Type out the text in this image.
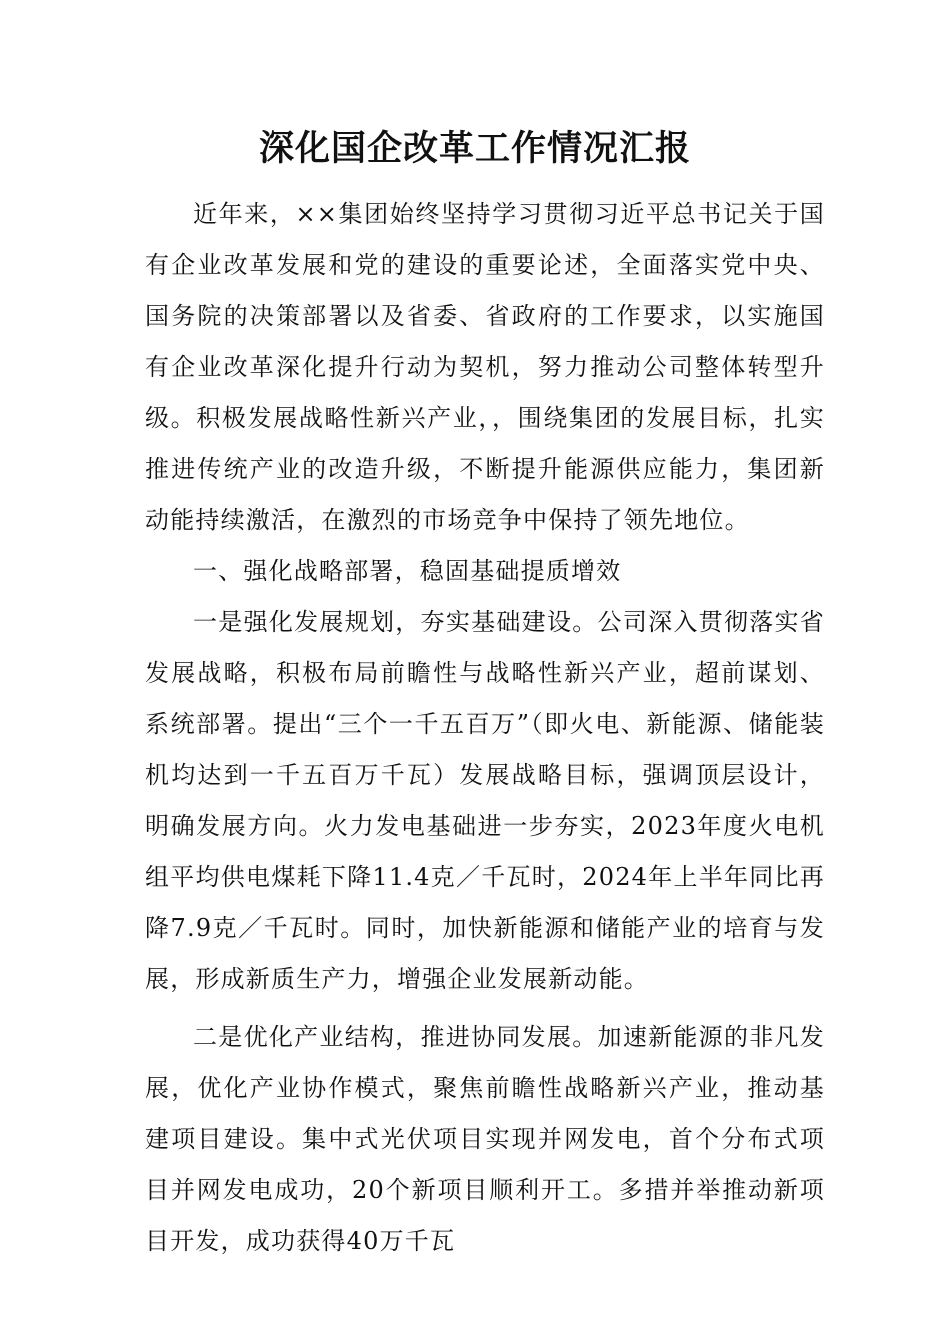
深化国企改革工作情况汇报

近年来，××集团始终坚持学习贯彻习近平总书记关于国有企业改革发展和党的建设的重要论述，全面落实党中央、国务院的决策部署以及省委、省政府的工作要求，以实施国有企业改革深化提升行动为契机，努力推动公司整体转型升级。积极发展战略性新兴产业，，围绕集团的发展目标，扎实推进传统产业的改造升级，不断提升能源供应能力，集团新动能持续激活，在激烈的市场竞争中保持了领先地位。

一、强化战略部署，稳固基础提质增效

一是强化发展规划，夯实基础建设。公司深入贯彻落实省发展战略，积极布局前瞻性与战略性新兴产业，超前谋划、系统部署。提出“三个一千五百万”（即火电、新能源、储能装机均达到一千五百万千瓦）发展战略目标，强调顶层设计，明确发展方向。火力发电基础进一步夯实，2023年度火电机组平均供电煤耗下降11.4克／千瓦时，2024年上半年同比再降7.9克／千瓦时。同时，加快新能源和储能产业的培育与发展，形成新质生产力，增强企业发展新动能。

二是优化产业结构，推进协同发展。加速新能源的非凡发展，优化产业协作模式，聚焦前瞻性战略新兴产业，推动基建项目建设。集中式光伏项目实现并网发电，首个分布式项目并网发电成功，20个新项目顺利开工。多措并举推动新项目开发，成功获得40万千瓦
